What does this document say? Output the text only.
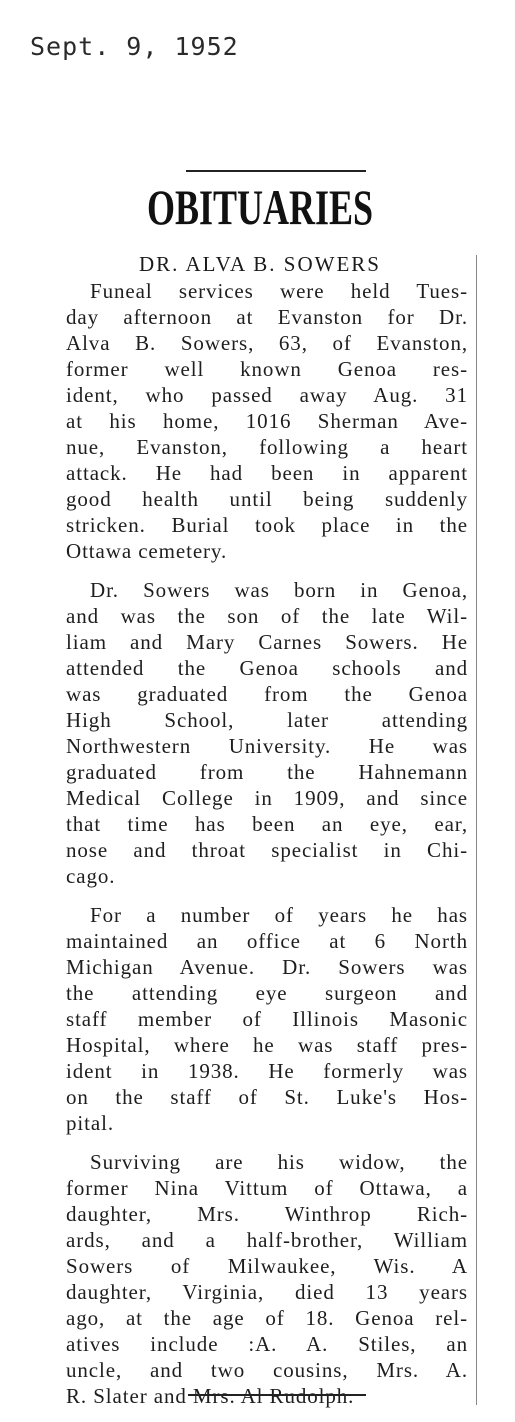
Sept. 9, 1952
OBITUARIES
DR. ALVA B. SOWERS
Funeal services were held Tues-
day afternoon at Evanston for Dr.
Alva B. Sowers, 63, of Evanston,
former well known Genoa res-
ident, who passed away Aug. 31
at his home, 1016 Sherman Ave-
nue, Evanston, following a heart
attack. He had been in apparent
good health until being suddenly
stricken. Burial took place in the
Ottawa cemetery.
Dr. Sowers was born in Genoa,
and was the son of the late Wil-
liam and Mary Carnes Sowers. He
attended the Genoa schools and
was graduated from the Genoa
High School, later attending
Northwestern University. He was
graduated from the Hahnemann
Medical College in 1909, and since
that time has been an eye, ear,
nose and throat specialist in Chi-
cago.
For a number of years he has
maintained an office at 6 North
Michigan Avenue. Dr. Sowers was
the attending eye surgeon and
staff member of Illinois Masonic
Hospital, where he was staff pres-
ident in 1938. He formerly was
on the staff of St. Luke's Hos-
pital.
Surviving are his widow, the
former Nina Vittum of Ottawa, a
daughter, Mrs. Winthrop Rich-
ards, and a half-brother, William
Sowers of Milwaukee, Wis. A
daughter, Virginia, died 13 years
ago, at the age of 18. Genoa rel-
atives include :A. A. Stiles, an
uncle, and two cousins, Mrs. A.
R. Slater and Mrs. Al Rudolph.
